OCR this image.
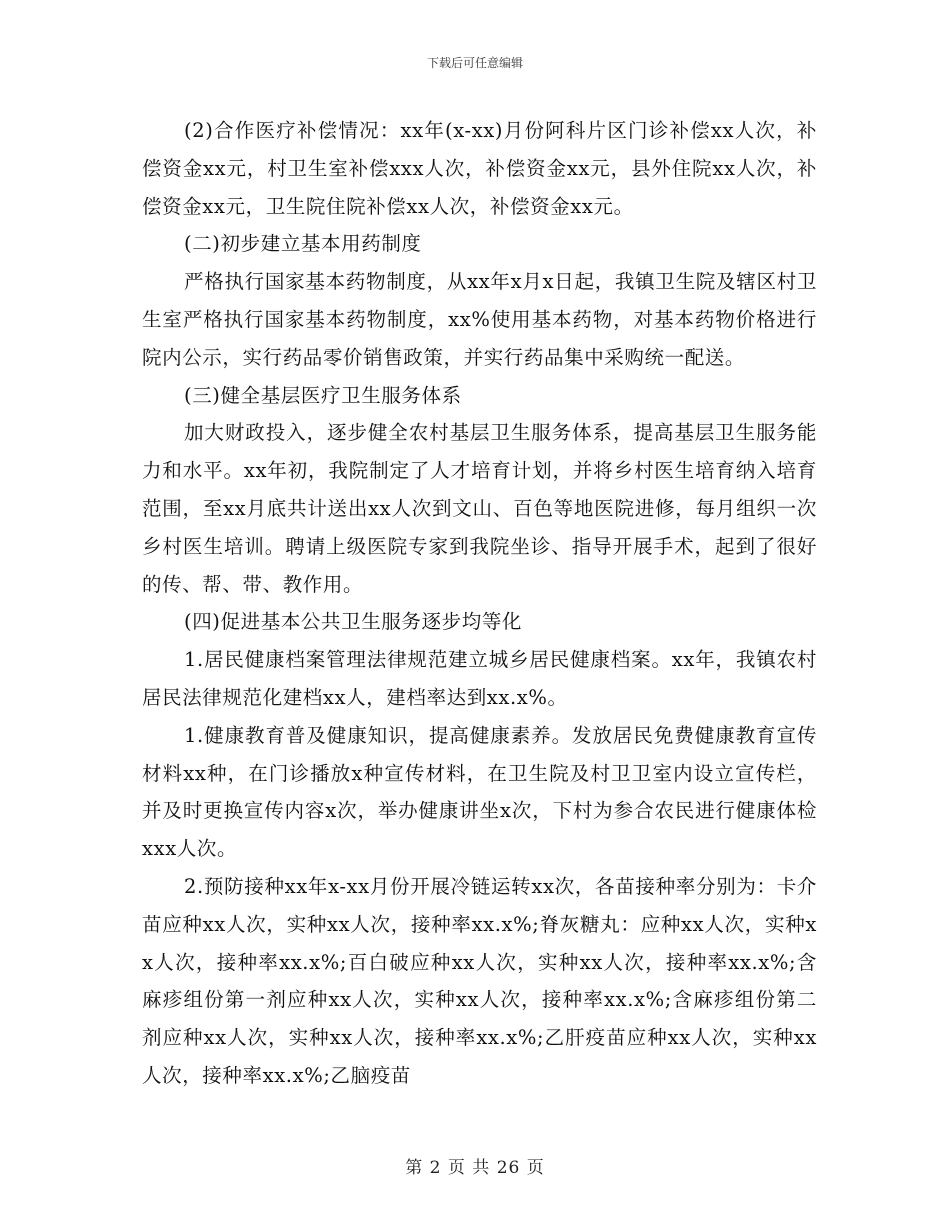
下载后可任意编辑

(2)合作医疗补偿情况：xx年(x-xx)月份阿科片区门诊补偿xx人次，补偿资金xx元，村卫生室补偿xxx人次，补偿资金xx元，县外住院xx人次，补偿资金xx元，卫生院住院补偿xx人次，补偿资金xx元。

(二)初步建立基本用药制度

严格执行国家基本药物制度，从xx年x月x日起，我镇卫生院及辖区村卫生室严格执行国家基本药物制度，xx%使用基本药物，对基本药物价格进行院内公示，实行药品零价销售政策，并实行药品集中采购统一配送。

(三)健全基层医疗卫生服务体系

加大财政投入，逐步健全农村基层卫生服务体系，提高基层卫生服务能力和水平。xx年初，我院制定了人才培育计划，并将乡村医生培育纳入培育范围，至xx月底共计送出xx人次到文山、百色等地医院进修，每月组织一次乡村医生培训。聘请上级医院专家到我院坐诊、指导开展手术，起到了很好的传、帮、带、教作用。

(四)促进基本公共卫生服务逐步均等化

1.居民健康档案管理法律规范建立城乡居民健康档案。xx年，我镇农村居民法律规范化建档xx人，建档率达到xx.x%。

1.健康教育普及健康知识，提高健康素养。发放居民免费健康教育宣传材料xx种，在门诊播放x种宣传材料，在卫生院及村卫卫室内设立宣传栏，并及时更换宣传内容x次，举办健康讲坐x次，下村为参合农民进行健康体检xxx人次。

2.预防接种xx年x-xx月份开展冷链运转xx次，各苗接种率分别为：卡介苗应种xx人次，实种xx人次，接种率xx.x%;脊灰糖丸：应种xx人次，实种xx人次，接种率xx.x%;百白破应种xx人次，实种xx人次，接种率xx.x%;含麻疹组份第一剂应种xx人次，实种xx人次，接种率xx.x%;含麻疹组份第二剂应种xx人次，实种xx人次，接种率xx.x%;乙肝疫苗应种xx人次，实种xx人次，接种率xx.x%;乙脑疫苗

第 2 页 共 26 页
